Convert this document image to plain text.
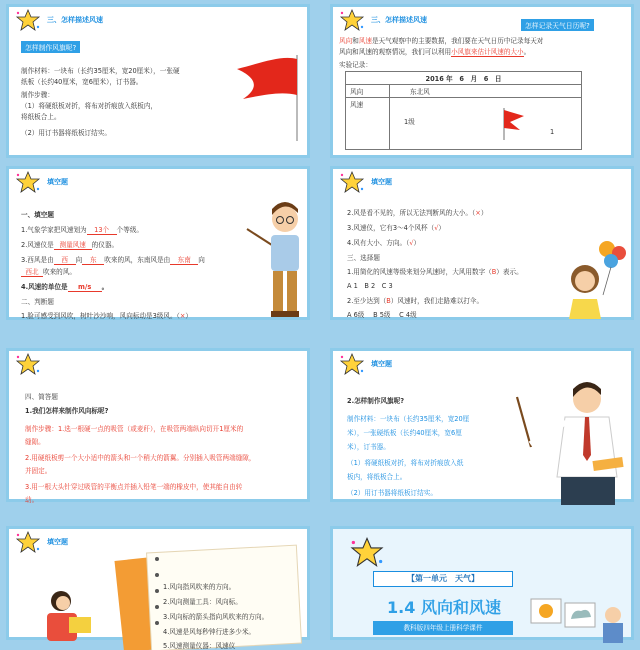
三、怎样描述风速
怎样制作风旗呢?
制作材料：一块布（长约35厘米，宽20厘米），一张硬
纸板（长约40厘米，宽6厘米），订书器。
制作步骤：
（1）将硬纸板对折，将布对折痕放入纸板内，
将纸板合上。
（2）用订书器将纸板订结实。
三、怎样描述风速
怎样记录天气日历呢?
风向和风速是天气观察中的主要数据，我们要在天气日历中记录每天对
风向和风速的观察情况，我们可以利用小风旗来估计风速的大小。
实验记录：
2016 年　6　月　6　日	
风向	东北风
风速	1级
1
填空题
一、填空题
1.气象学家把风速划为 13个 个等级。
2.风速仪是 测量风速 的仪器。
3.西风是由 西 向 东 吹来的风，东南风是由 东南 向
西北 吹来的风。
4.风速的单位是 m/s 。
二、判断题
1.脸可感受到风吹，树叶沙沙响，风向标动是3级风。（×）
填空题
2.风是看不见的，所以无法判断风的大小。（×）
3.风速仪，它有3～4个风杯（√）
4.风有大小、方向。（√）
三、选择题
1.用简化的风速等级来划分风速时，大风用数字（B）表示。
A 1　B 2　C 3
2.至少达到（B）风速时，我们走路难以打伞。
A 6级　 B 5级　 C 4级
四、简答题
1.我们怎样来制作风向标呢?
制作步骤：1.选一根硬一点的吸管（或麦秆），在吸管两端纵向切开1厘米的
缝隙。
2.用硬纸板剪一个大小适中的箭头和一个稍大的箭翼。分别插入吸管两端缝隙，
并固定。
3.用一根大头针穿过吸管的平衡点并插入铅笔一端的橡皮中，使其能自由转
动。
填空题
2.怎样制作风旗呢?
制作材料：一块布（长约35厘米，宽20厘
米），一张硬纸板（长约40厘米，宽6厘
米），订书器。
（1）将硬纸板对折，将布对折痕放入纸
板内，将纸板合上。
（2）用订书器将纸板订结实。
填空题
1.风向指风吹来的方向。
2.风向测量工具：风向标。
3.风向标的箭头指向风吹来的方向。
4.风速是风每秒钟行进多少米。
5.风速测量仪器：风速仪
【第一单元　天气】
1.4 风向和风速
教科版四年级上册科学课件
